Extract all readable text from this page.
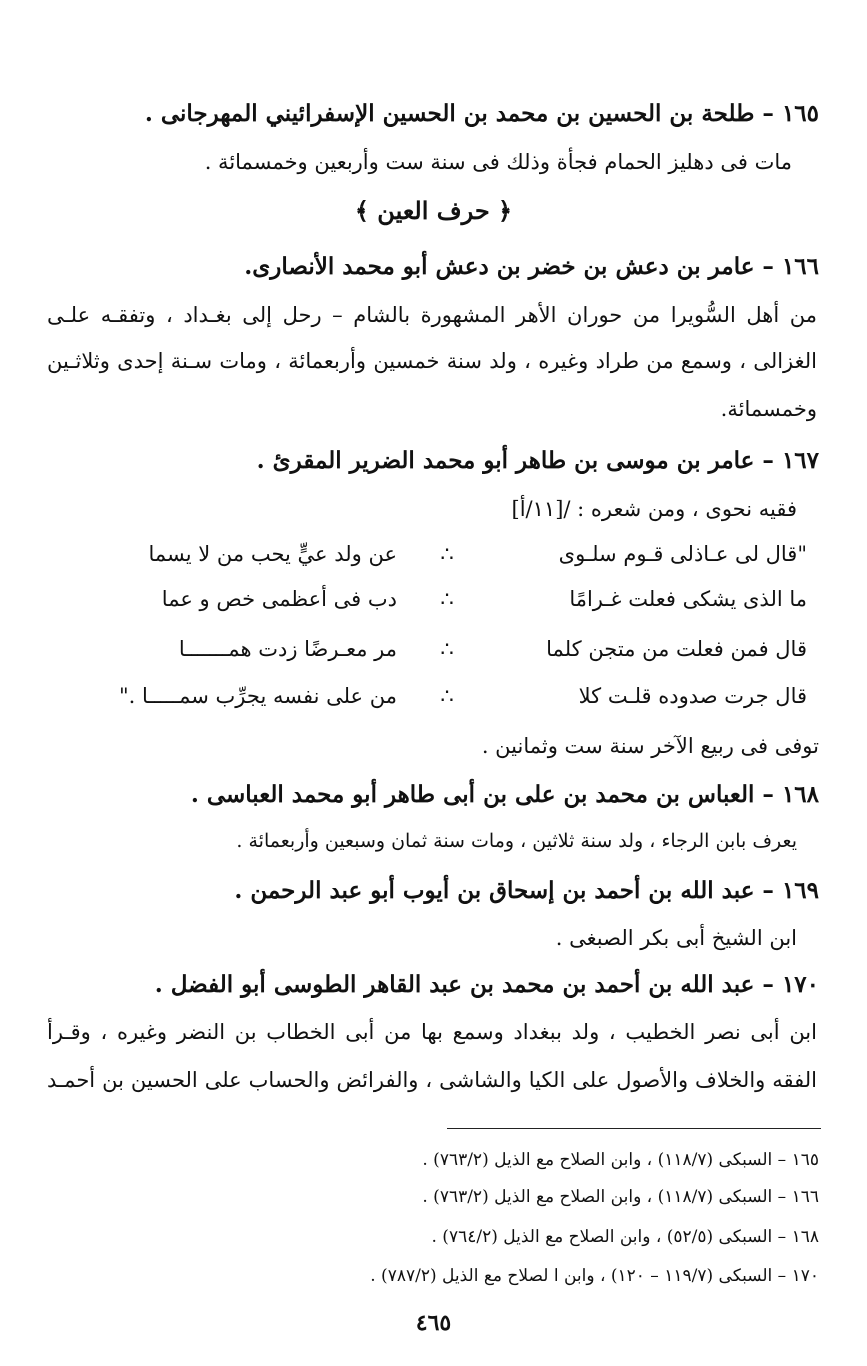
١٦٥ – طلحة بن الحسين بن محمد بن الحسين الإسفرائيني المهرجانى .
مات فى دهليز الحمام فجأة وذلك فى سنة ست وأربعين وخمسمائة .
﴿ حرف العين ﴾
١٦٦ – عامر بن دعش بن خضر بن دعش أبو محمد الأنصارى.
من أهل السُّويرا من حوران الأهر المشهورة بالشام – رحل إلى بغـداد ، وتفقـه علـى
الغزالى ، وسمع من طراد وغيره ، ولد سنة خمسين وأربعمائة ، ومات سـنة إحدى وثلاثـين
وخمسمائة.
١٦٧ – عامر بن موسى بن طاهر أبو محمد الضرير المقرئ .
فقيه نحوى ، ومن شعره : /[١١/أ]
"قال لى عـاذلى قـوم سلـوى
∴
عن ولد عيٍّ يحب من لا يسما
ما الذى يشكى فعلت غـرامًا
∴
دب فى أعظمى خص و عما
قال فمن فعلت من متجن كلما
∴
مر معـرضًا زدت همـــــــا
قال جرت صدوده قلـت كلا
∴
من على نفسه يجرِّب سمـــــا ."
توفى فى ربيع الآخر سنة ست وثمانين .
١٦٨ – العباس بن محمد بن على بن أبى طاهر أبو محمد العباسى .
يعرف بابن الرجاء ، ولد سنة ثلاثين ، ومات سنة ثمان وسبعين وأربعمائة .
١٦٩ – عبد الله بن أحمد بن إسحاق بن أيوب أبو عبد الرحمن .
ابن الشيخ أبى بكر الصبغى .
١٧٠ – عبد الله بن أحمد بن محمد بن عبد القاهر الطوسى أبو الفضل .
ابن أبى نصر الخطيب ، ولد ببغداد وسمع بها من أبى الخطاب بن النضر وغيره ، وقـرأ
الفقه والخلاف والأصول على الكيا والشاشى ، والفرائض والحساب على الحسين بن أحمـد
١٦٥ – السبكى (١١٨/٧) ، وابن الصلاح مع الذيل (٧٦٣/٢) .
١٦٦ – السبكى (١١٨/٧) ، وابن الصلاح مع الذيل (٧٦٣/٢) .
١٦٨ – السبكى (٥٢/٥) ، وابن الصلاح مع الذيل (٧٦٤/٢) .
١٧٠ – السبكى (١١٩/٧ – ١٢٠) ، وابن ا لصلاح مع الذيل (٧٨٧/٢) .
٤٦٥
